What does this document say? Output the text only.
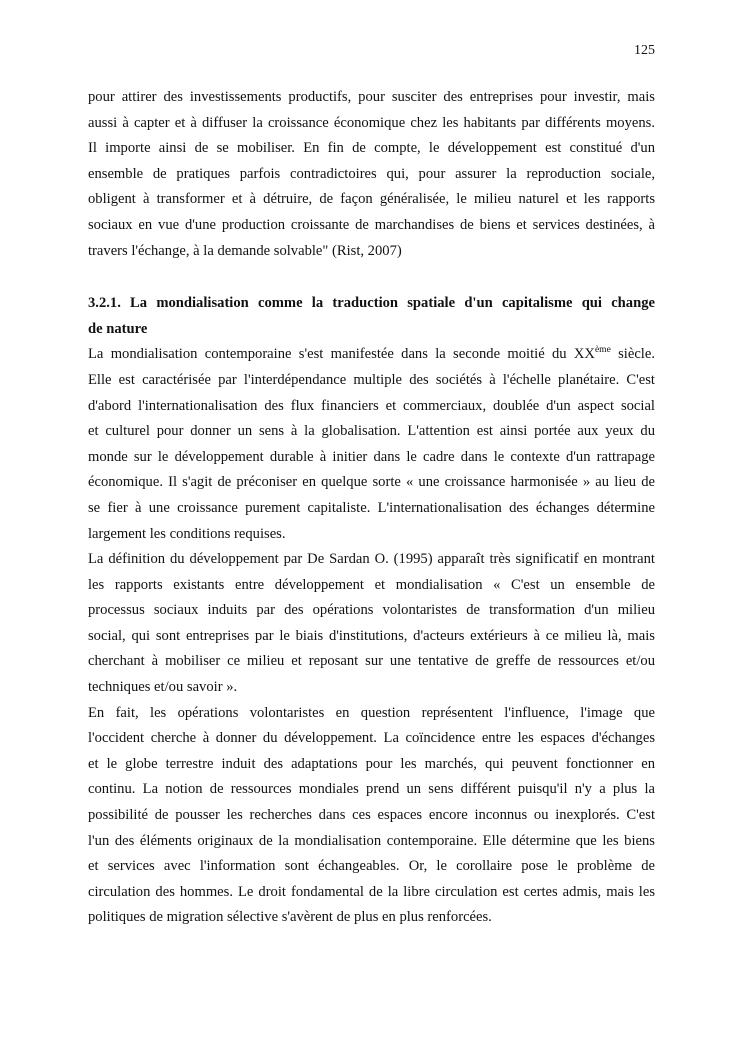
125
pour attirer des investissements productifs, pour susciter des entreprises pour investir, mais
aussi à capter et à diffuser la croissance économique chez les habitants par différents moyens.
Il importe ainsi de se mobiliser. En fin de compte, le développement est constitué d'un
ensemble de pratiques parfois contradictoires qui, pour assurer la reproduction sociale,
obligent à transformer et à détruire, de façon généralisée, le milieu naturel et les rapports
sociaux en vue d'une production croissante de marchandises de biens et services destinées, à
travers l'échange, à la demande solvable" (Rist, 2007)
3.2.1. La mondialisation comme la traduction spatiale d'un capitalisme qui change
de nature
La mondialisation contemporaine s'est manifestée dans la seconde moitié du XXème siècle.
Elle est caractérisée par l'interdépendance multiple des sociétés à l'échelle planétaire. C'est
d'abord l'internationalisation des flux financiers et commerciaux, doublée d'un aspect social
et culturel pour donner un sens à la globalisation. L'attention est ainsi portée aux yeux du
monde sur le développement durable à initier dans le cadre dans le contexte d'un rattrapage
économique. Il s'agit de préconiser en quelque sorte « une croissance harmonisée » au lieu de
se fier à une croissance purement capitaliste. L'internationalisation des échanges détermine
largement les conditions requises.
La définition du développement par De Sardan O. (1995) apparaît très significatif en montrant
les rapports existants entre développement et mondialisation « C'est un ensemble de
processus sociaux induits par des opérations volontaristes de transformation d'un milieu
social, qui sont entreprises par le biais d'institutions, d'acteurs extérieurs à ce milieu là, mais
cherchant à mobiliser ce milieu et reposant sur une tentative de greffe de ressources et/ou
techniques et/ou savoir ».
En fait, les opérations volontaristes en question représentent l'influence, l'image que
l'occident cherche à donner du développement. La coïncidence entre les espaces d'échanges
et le globe terrestre induit des adaptations pour les marchés, qui peuvent fonctionner en
continu. La notion de ressources mondiales prend un sens différent puisqu'il n'y a plus la
possibilité de pousser les recherches dans ces espaces encore inconnus ou inexplorés. C'est
l'un des éléments originaux de la mondialisation contemporaine. Elle détermine que les biens
et services avec l'information sont échangeables. Or, le corollaire pose le problème de
circulation des hommes. Le droit fondamental de la libre circulation est certes admis, mais les
politiques de migration sélective s'avèrent de plus en plus renforcées.
